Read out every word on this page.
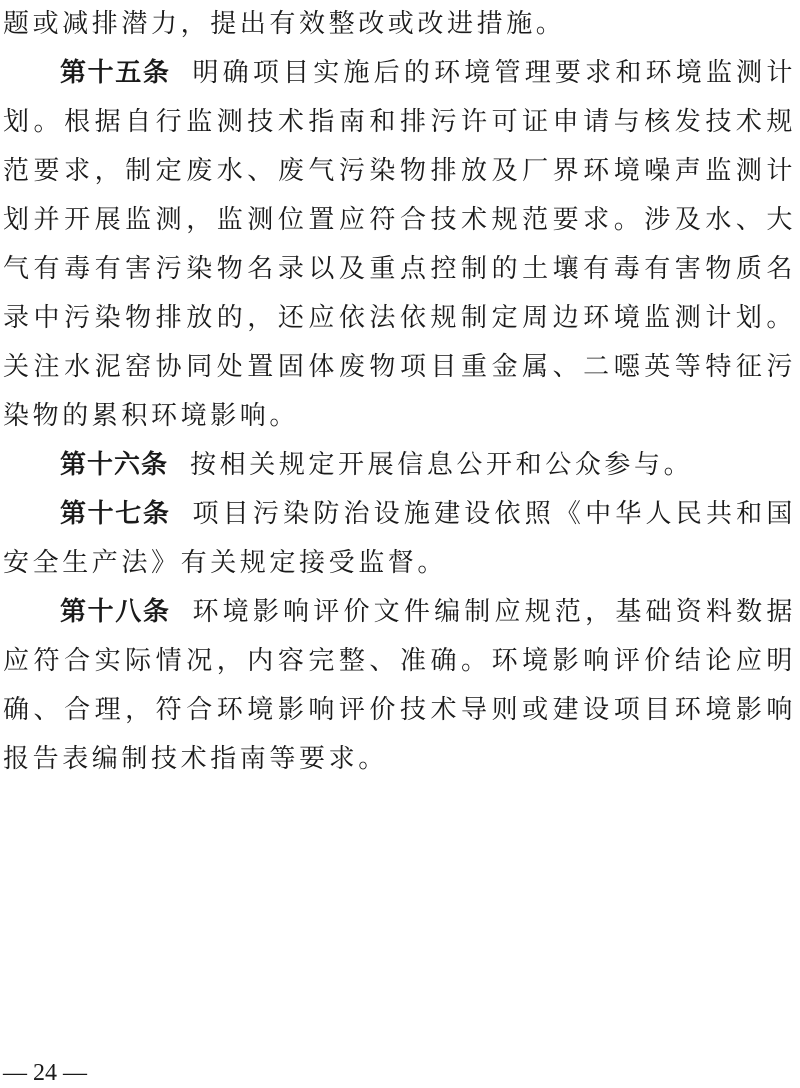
题或减排潜力，提出有效整改或改进措施。

第十五条 明确项目实施后的环境管理要求和环境监测计划。根据自行监测技术指南和排污许可证申请与核发技术规范要求，制定废水、废气污染物排放及厂界环境噪声监测计划并开展监测，监测位置应符合技术规范要求。涉及水、大气有毒有害污染物名录以及重点控制的土壤有毒有害物质名录中污染物排放的，还应依法依规制定周边环境监测计划。关注水泥窑协同处置固体废物项目重金属、二噁英等特征污染物的累积环境影响。

第十六条 按相关规定开展信息公开和公众参与。

第十七条 项目污染防治设施建设依照《中华人民共和国安全生产法》有关规定接受监督。

第十八条 环境影响评价文件编制应规范，基础资料数据应符合实际情况，内容完整、准确。环境影响评价结论应明确、合理，符合环境影响评价技术导则或建设项目环境影响报告表编制技术指南等要求。

— 24 —
